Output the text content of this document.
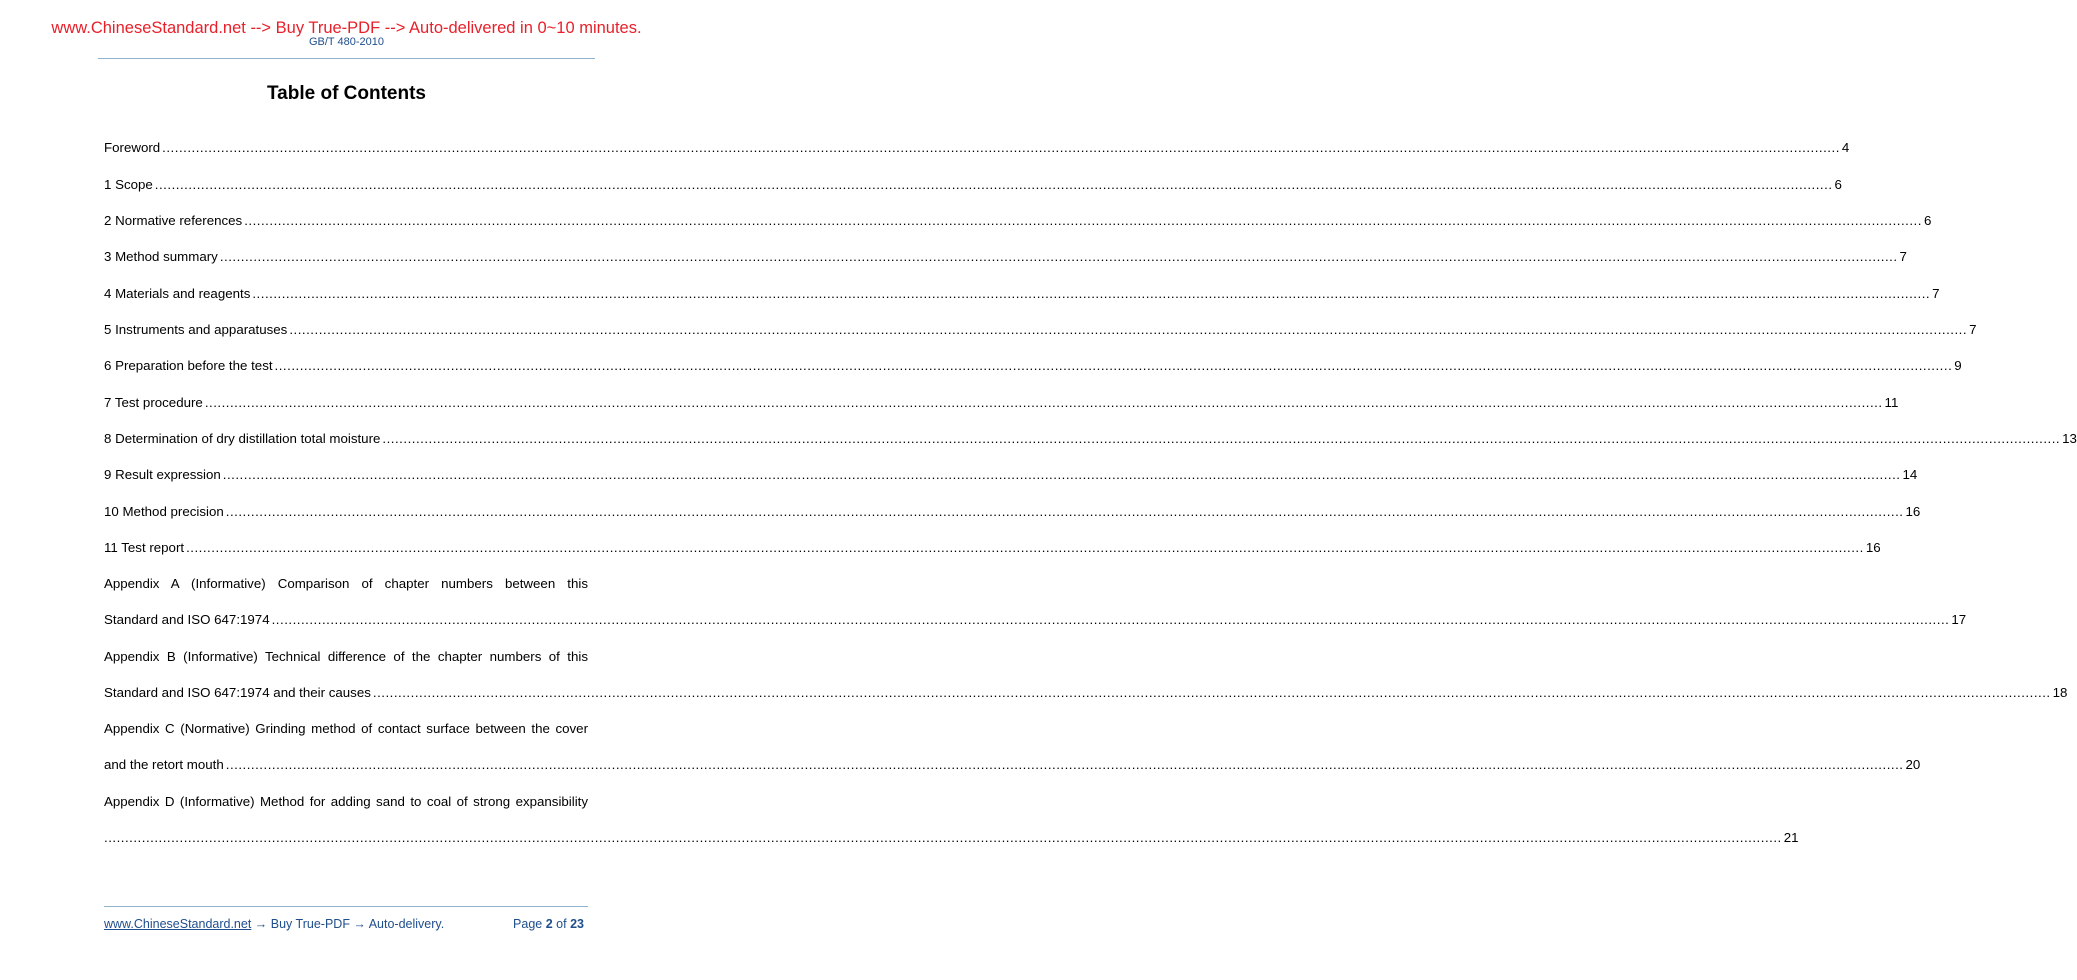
www.ChineseStandard.net --> Buy True-PDF --> Auto-delivered in 0~10 minutes.
GB/T 480-2010
Table of Contents
Foreword ................................................................................................................................................................................................................................................................................................................................................................................................................ 4
1 Scope ................................................................................................................................................................................................................................................................................................................................................................................................................ 6
2 Normative references ................................................................................................................................................................................................................................................................................................................................................................................................................ 6
3 Method summary ................................................................................................................................................................................................................................................................................................................................................................................................................ 7
4 Materials and reagents ................................................................................................................................................................................................................................................................................................................................................................................................................ 7
5 Instruments and apparatuses ................................................................................................................................................................................................................................................................................................................................................................................................................ 7
6 Preparation before the test ................................................................................................................................................................................................................................................................................................................................................................................................................ 9
7 Test procedure ................................................................................................................................................................................................................................................................................................................................................................................................................ 11
8 Determination of dry distillation total moisture ................................................................................................................................................................................................................................................................................................................................................................................................................ 13
9 Result expression ................................................................................................................................................................................................................................................................................................................................................................................................................ 14
10 Method precision ................................................................................................................................................................................................................................................................................................................................................................................................................ 16
11 Test report ................................................................................................................................................................................................................................................................................................................................................................................................................ 16
Appendix A (Informative) Comparison of chapter numbers between this
Standard and ISO 647:1974 ................................................................................................................................................................................................................................................................................................................................................................................................................ 17
Appendix B (Informative) Technical difference of the chapter numbers of this
Standard and ISO 647:1974 and their causes ................................................................................................................................................................................................................................................................................................................................................................................................................ 18
Appendix C (Normative) Grinding method of contact surface between the cover
and the retort mouth ................................................................................................................................................................................................................................................................................................................................................................................................................ 20
Appendix D (Informative) Method for adding sand to coal of strong expansibility
................................................................................................................................................................................................................................................................................................................................................................................................................ 21
www.ChineseStandard.net → Buy True-PDF → Auto-delivery.	Page 2 of 23
